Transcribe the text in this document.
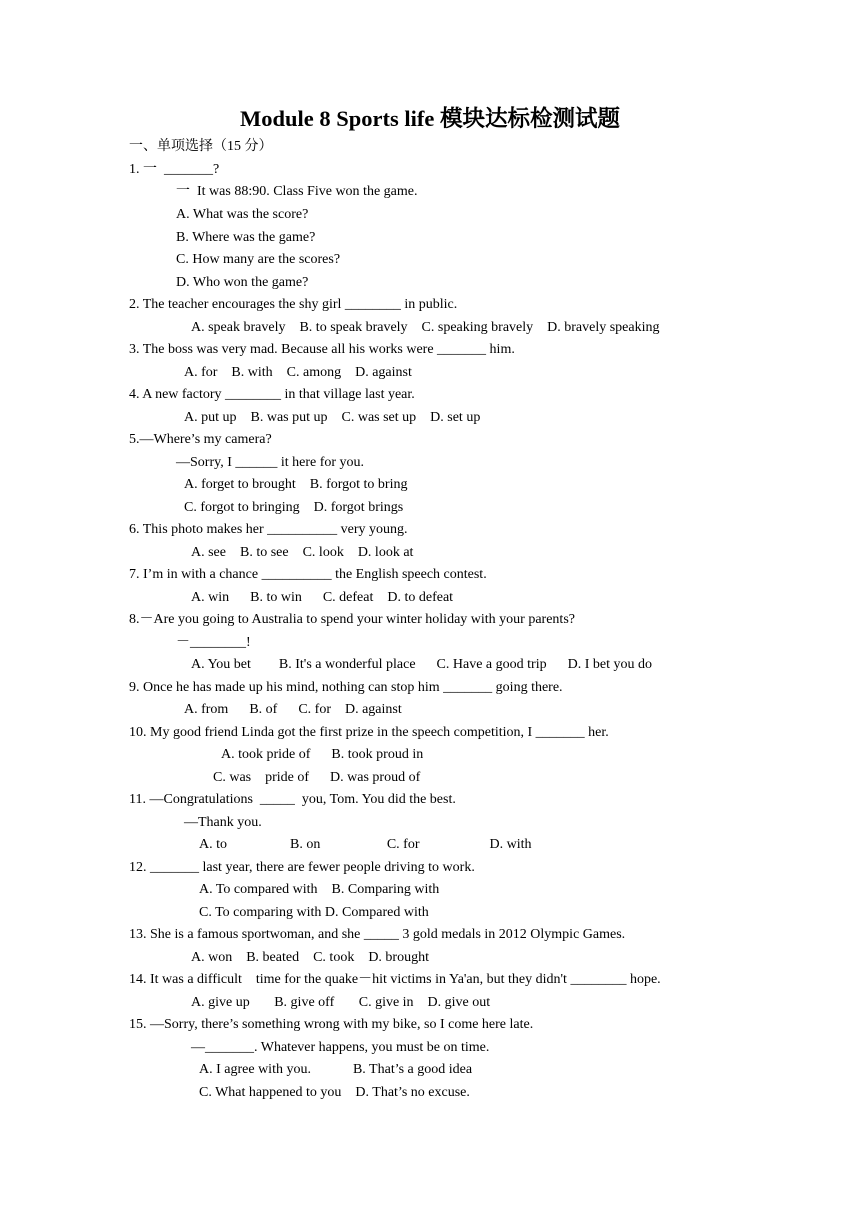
Module 8 Sports life 模块达标检测试题
一、单项选择（15 分）
1. 一  _______?
一  It was 88:90. Class Five won the game.
A. What was the score?
B. Where was the game?
C. How many are the scores?
D. Who won the game?
2. The teacher encourages the shy girl ________ in public.
A. speak bravely    B. to speak bravely    C. speaking bravely    D. bravely speaking
3. The boss was very mad. Because all his works were _______ him.
A. for    B. with    C. among    D. against
4. A new factory ________ in that village last year.
A. put up    B. was put up    C. was set up    D. set up
5.—Where’s my camera?
—Sorry, I ______ it here for you.
A. forget to brought    B. forgot to bring
C. forgot to bringing    D. forgot brings
6. This photo makes her __________ very young.
A. see    B. to see    C. look    D. look at
7. I’m in with a chance __________ the English speech contest.
A. win      B. to win      C. defeat    D. to defeat
8.－Are you going to Australia to spend your winter holiday with your parents?
－________!
A. You bet        B. It's a wonderful place      C. Have a good trip      D. I bet you do
9. Once he has made up his mind, nothing can stop him _______ going there.
A. from      B. of      C. for    D. against
10. My good friend Linda got the first prize in the speech competition, I _______ her.
A. took pride of      B. took proud in
C. was    pride of      D. was proud of
11. —Congratulations  _____  you, Tom. You did the best.
—Thank you.
A. to                  B. on                   C. for                    D. with
12. _______ last year, there are fewer people driving to work.
A. To compared with    B. Comparing with
C. To comparing with D. Compared with
13. She is a famous sportwoman, and she _____ 3 gold medals in 2012 Olympic Games.
A. won    B. beated    C. took    D. brought
14. It was a difficult    time for the quake－hit victims in Ya'an, but they didn't ________ hope.
A. give up       B. give off       C. give in    D. give out
15. —Sorry, there’s something wrong with my bike, so I come here late.
—_______. Whatever happens, you must be on time.
A. I agree with you.            B. That’s a good idea
C. What happened to you    D. That’s no excuse.
